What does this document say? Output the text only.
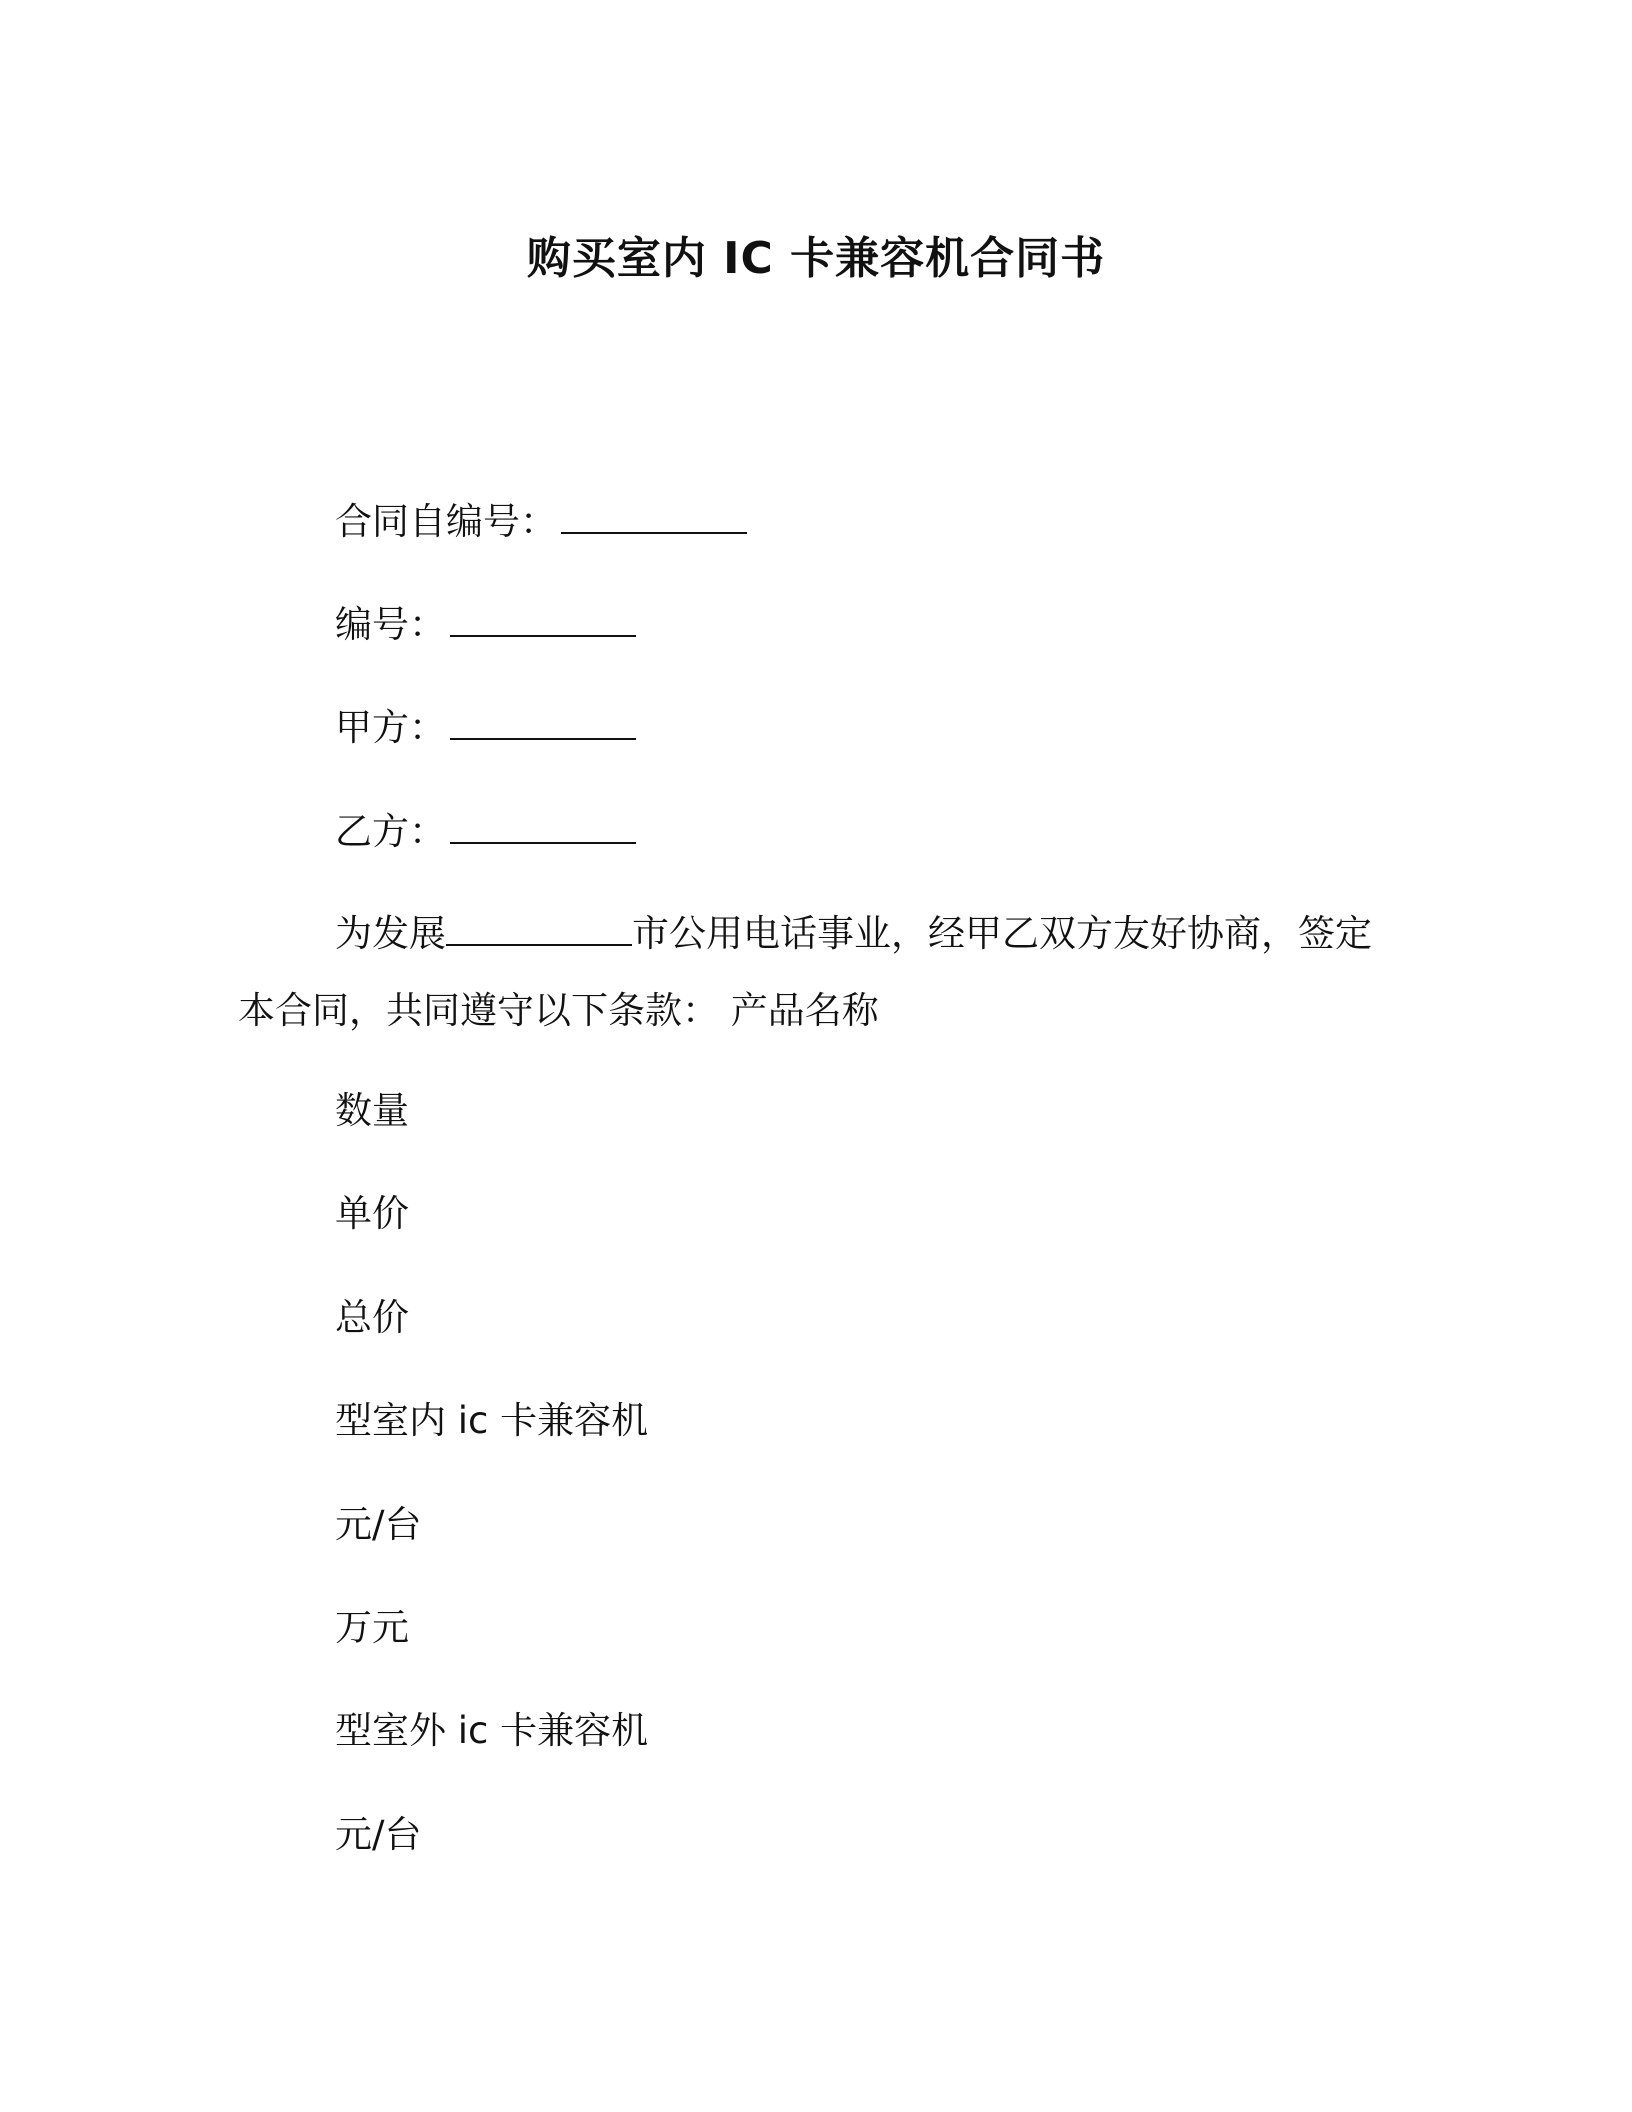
购买室内 IC 卡兼容机合同书

合同自编号：

编号：

甲方：

乙方：

为发展	市公用电话事业，经甲乙双方友好协商，签定本合同，共同遵守以下条款： 产品名称

数量

单价

总价

型室内 ic 卡兼容机

元/台

万元

型室外 ic 卡兼容机

元/台
